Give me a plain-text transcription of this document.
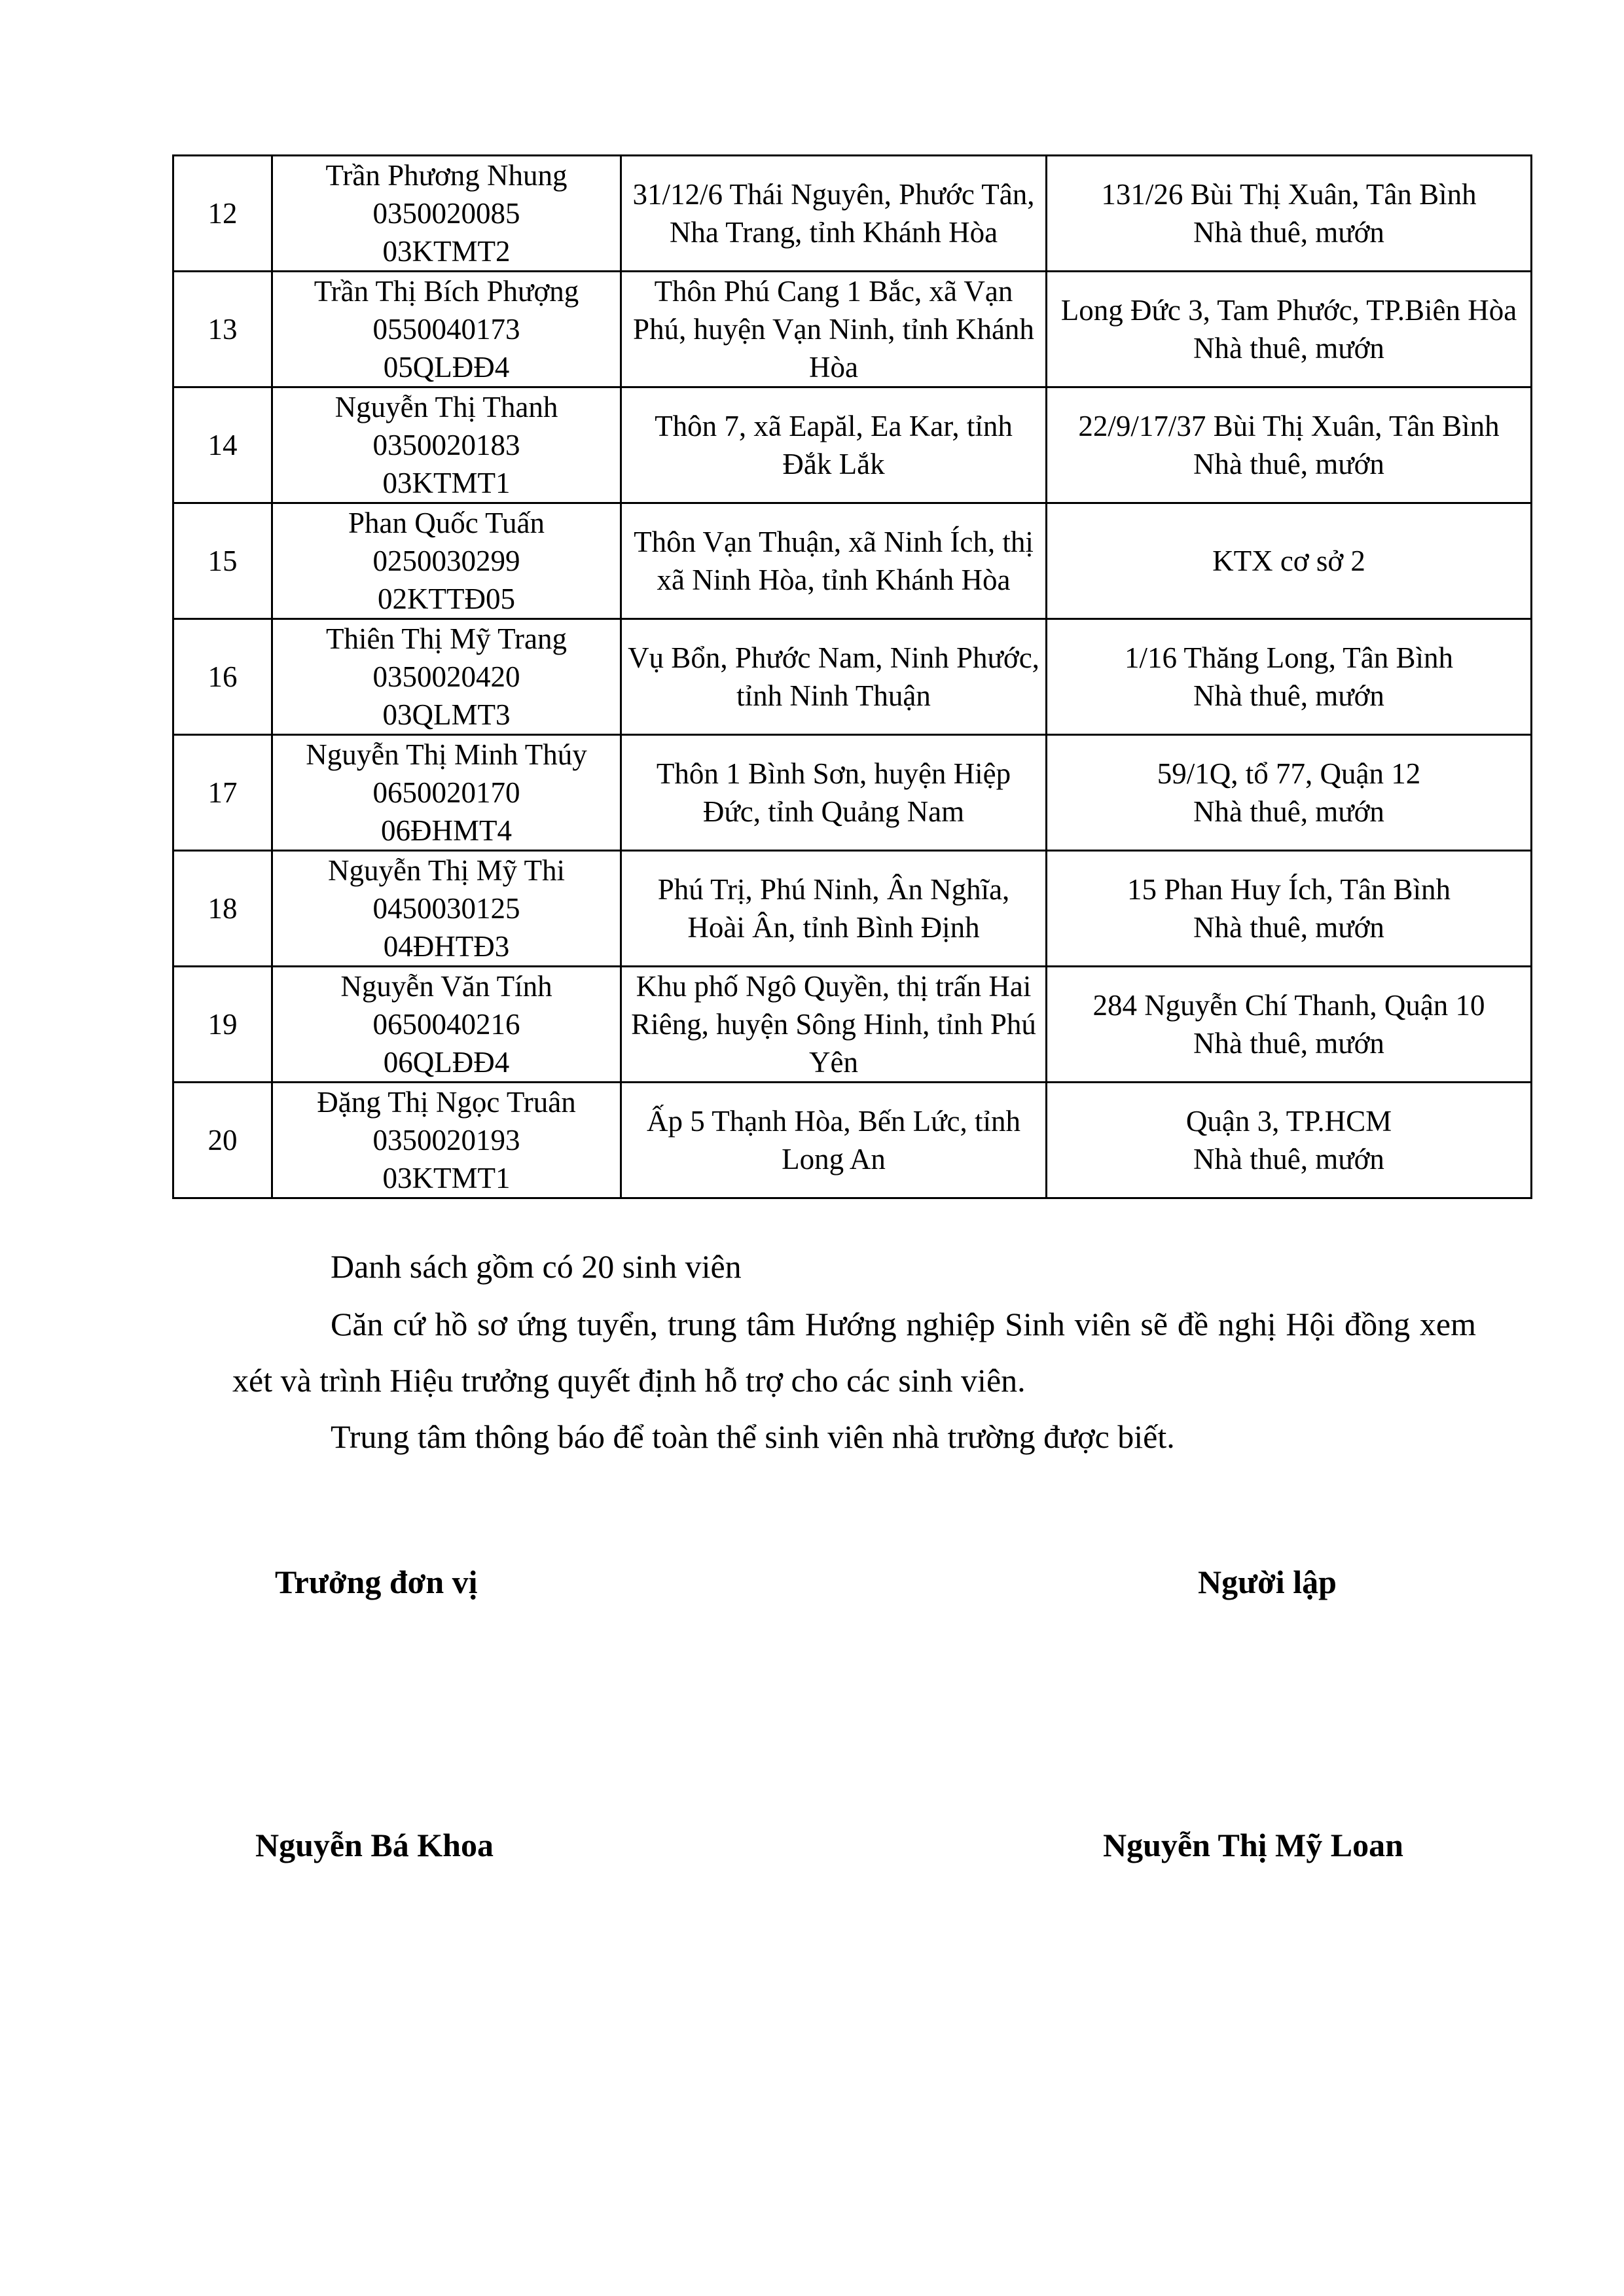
12	Trần Phương Nhung
0350020085
03KTMT2	31/12/6 Thái Nguyên, Phước Tân, Nha Trang, tỉnh Khánh Hòa	131/26 Bùi Thị Xuân, Tân Bình
Nhà thuê, mướn

13	Trần Thị Bích Phượng
0550040173
05QLĐĐ4	Thôn Phú Cang 1 Bắc, xã Vạn Phú, huyện Vạn Ninh, tỉnh Khánh Hòa	Long Đức 3, Tam Phước, TP.Biên Hòa
Nhà thuê, mướn

14	Nguyễn Thị Thanh
0350020183
03KTMT1	Thôn 7, xã Eapăl, Ea Kar, tỉnh Đắk Lắk	22/9/17/37 Bùi Thị Xuân, Tân Bình
Nhà thuê, mướn

15	Phan Quốc Tuấn
0250030299
02KTTĐ05	Thôn Vạn Thuận, xã Ninh Ích, thị xã Ninh Hòa, tỉnh Khánh Hòa	KTX cơ sở 2

16	Thiên Thị Mỹ Trang
0350020420
03QLMT3	Vụ Bổn, Phước Nam, Ninh Phước, tỉnh Ninh Thuận	1/16 Thăng Long, Tân Bình
Nhà thuê, mướn

17	Nguyễn Thị Minh Thúy
0650020170
06ĐHMT4	Thôn 1 Bình Sơn, huyện Hiệp Đức, tỉnh Quảng Nam	59/1Q, tổ 77, Quận 12
Nhà thuê, mướn

18	Nguyễn Thị Mỹ Thi
0450030125
04ĐHTĐ3	Phú Trị, Phú Ninh, Ân Nghĩa, Hoài Ân, tỉnh Bình Định	15 Phan Huy Ích, Tân Bình
Nhà thuê, mướn

19	Nguyễn Văn Tính
0650040216
06QLĐĐ4	Khu phố Ngô Quyền, thị trấn Hai Riêng, huyện Sông Hinh, tỉnh Phú Yên	284 Nguyễn Chí Thanh, Quận 10
Nhà thuê, mướn

20	Đặng Thị Ngọc Truân
0350020193
03KTMT1	Ấp 5 Thạnh Hòa, Bến Lức, tỉnh Long An	Quận 3, TP.HCM
Nhà thuê, mướn

Danh sách gồm có 20 sinh viên

Căn cứ hồ sơ ứng tuyển, trung tâm Hướng nghiệp Sinh viên sẽ đề nghị Hội đồng xem xét và trình Hiệu trưởng quyết định hỗ trợ cho các sinh viên.

Trung tâm thông báo để toàn thể sinh viên nhà trường được biết.

Trưởng đơn vị	Người lập

Nguyễn Bá Khoa	Nguyễn Thị Mỹ Loan
